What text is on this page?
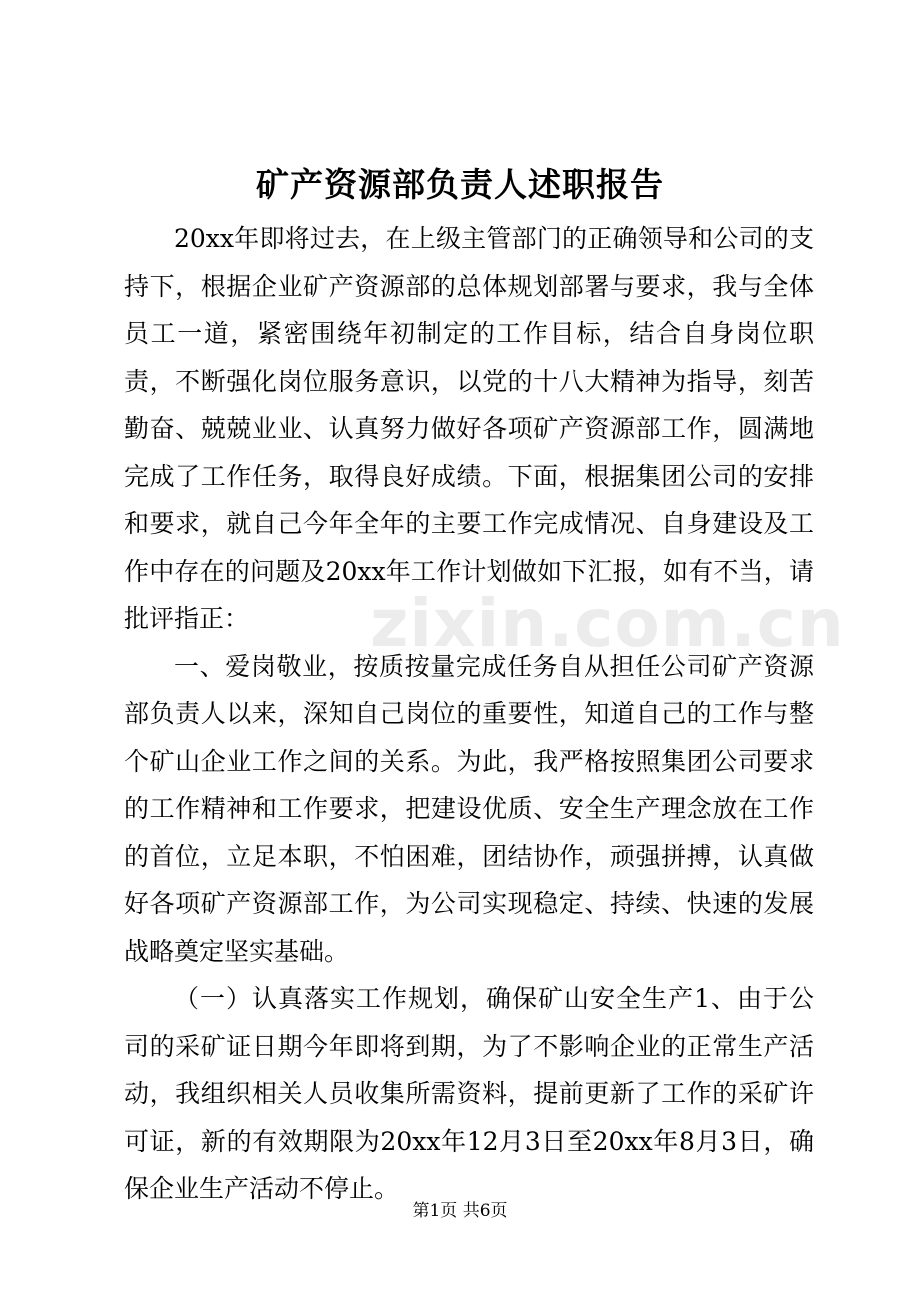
矿产资源部负责人述职报告

20xx年即将过去，在上级主管部门的正确领导和公司的支持下，根据企业矿产资源部的总体规划部署与要求，我与全体员工一道，紧密围绕年初制定的工作目标，结合自身岗位职责，不断强化岗位服务意识，以党的十八大精神为指导，刻苦勤奋、兢兢业业、认真努力做好各项矿产资源部工作，圆满地完成了工作任务，取得良好成绩。下面，根据集团公司的安排和要求，就自己今年全年的主要工作完成情况、自身建设及工作中存在的问题及20xx年工作计划做如下汇报，如有不当，请批评指正：

一、爱岗敬业，按质按量完成任务自从担任公司矿产资源部负责人以来，深知自己岗位的重要性，知道自己的工作与整个矿山企业工作之间的关系。为此，我严格按照集团公司要求的工作精神和工作要求，把建设优质、安全生产理念放在工作的首位，立足本职，不怕困难，团结协作，顽强拼搏，认真做好各项矿产资源部工作，为公司实现稳定、持续、快速的发展战略奠定坚实基础。

（一）认真落实工作规划，确保矿山安全生产1、由于公司的采矿证日期今年即将到期，为了不影响企业的正常生产活动，我组织相关人员收集所需资料，提前更新了工作的采矿许可证，新的有效期限为20xx年12月3日至20xx年8月3日，确保企业生产活动不停止。

zixin.com.cn
第1页 共6页
